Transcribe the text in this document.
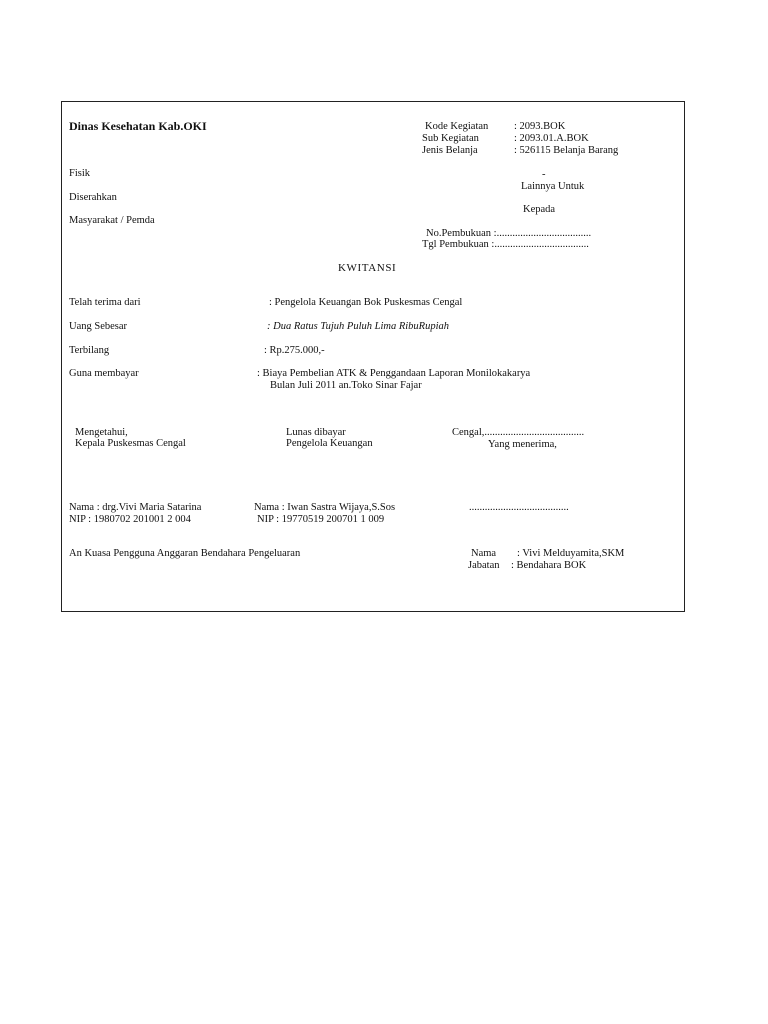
Dinas Kesehatan Kab.OKI	Kode Kegiatan : 2093.BOK
Sub Kegiatan	: 2093.01.A.BOK
Jenis Belanja	: 526115 Belanja Barang
Fisik
Diserahkan
Masyarakat / Pemda
-
Lainnya Untuk
Kepada
No.Pembukuan :....................................
Tgl Pembukuan :....................................
KWITANSI
Telah terima dari	: Pengelola Keuangan Bok Puskesmas Cengal
Uang Sebesar	: Dua Ratus Tujuh Puluh Lima RibuRupiah
Terbilang	: Rp.275.000,-
Guna membayar	: Biaya Pembelian ATK & Penggandaan Laporan Monilokakarya
Bulan Juli 2011 an.Toko Sinar Fajar
Mengetahui,
Kepala Puskesmas Cengal
Lunas dibayar
Pengelola Keuangan
Cengal,......................................
Yang menerima,
Nama : drg.Vivi Maria Satarina
NIP : 1980702 201001 2 004
Nama : Iwan Sastra Wijaya,S.Sos
NIP : 19770519 200701 1 009
......................................
An Kuasa Pengguna Anggaran Bendahara Pengeluaran	Nama : Vivi Melduyamita,SKM
Jabatan : Bendahara BOK
